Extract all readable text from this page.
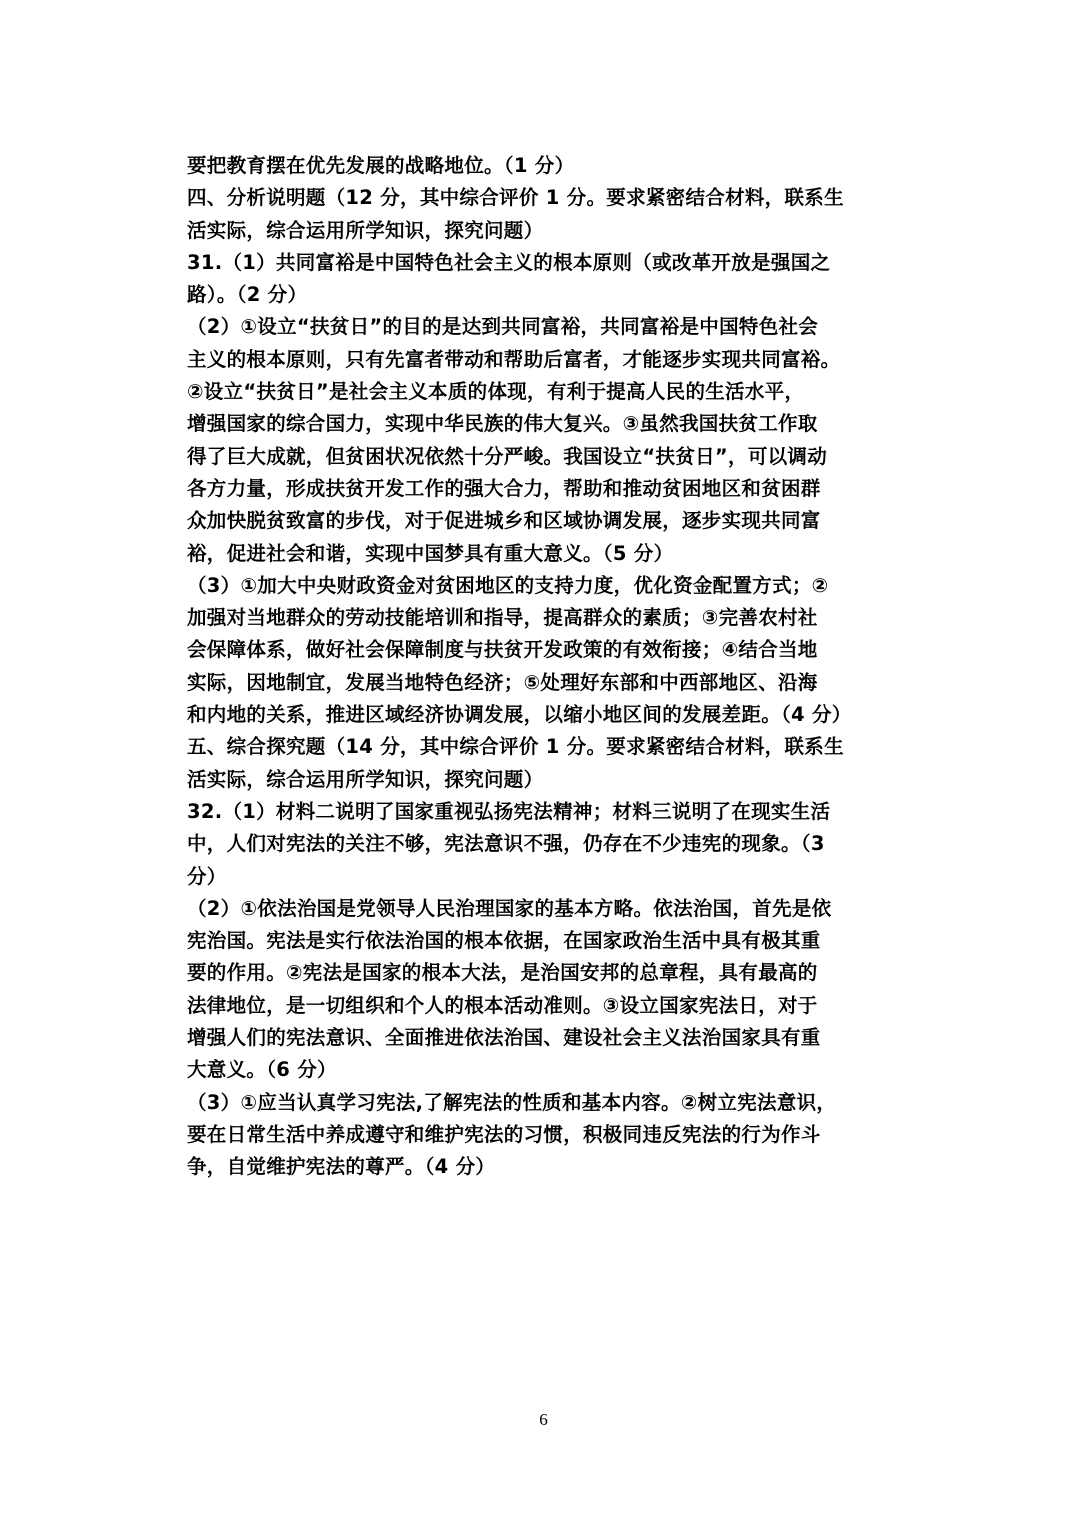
要把教育摆在优先发展的战略地位。（1 分）
四、分析说明题（12 分，其中综合评价 1 分。要求紧密结合材料，联系生
活实际，综合运用所学知识，探究问题）
31.（1）共同富裕是中国特色社会主义的根本原则（或改革开放是强国之
路）。（2 分）
（2）①设立“扶贫日”的目的是达到共同富裕，共同富裕是中国特色社会
主义的根本原则，只有先富者带动和帮助后富者，才能逐步实现共同富裕。
②设立“扶贫日”是社会主义本质的体现，有利于提高人民的生活水平，
增强国家的综合国力，实现中华民族的伟大复兴。③虽然我国扶贫工作取
得了巨大成就，但贫困状况依然十分严峻。我国设立“扶贫日”，可以调动
各方力量，形成扶贫开发工作的强大合力，帮助和推动贫困地区和贫困群
众加快脱贫致富的步伐，对于促进城乡和区域协调发展，逐步实现共同富
裕，促进社会和谐，实现中国梦具有重大意义。（5 分）
（3）①加大中央财政资金对贫困地区的支持力度，优化资金配置方式；②
加强对当地群众的劳动技能培训和指导，提高群众的素质；③完善农村社
会保障体系，做好社会保障制度与扶贫开发政策的有效衔接；④结合当地
实际，因地制宜，发展当地特色经济；⑤处理好东部和中西部地区、沿海
和内地的关系，推进区域经济协调发展，以缩小地区间的发展差距。（4 分）
五、综合探究题（14 分，其中综合评价 1 分。要求紧密结合材料，联系生
活实际，综合运用所学知识，探究问题）
32.（1）材料二说明了国家重视弘扬宪法精神；材料三说明了在现实生活
中，人们对宪法的关注不够，宪法意识不强，仍存在不少违宪的现象。（3
分）
（2）①依法治国是党领导人民治理国家的基本方略。依法治国，首先是依
宪治国。宪法是实行依法治国的根本依据，在国家政治生活中具有极其重
要的作用。②宪法是国家的根本大法，是治国安邦的总章程，具有最高的
法律地位，是一切组织和个人的根本活动准则。③设立国家宪法日，对于
增强人们的宪法意识、全面推进依法治国、建设社会主义法治国家具有重
大意义。（6 分）
（3）①应当认真学习宪法,了解宪法的性质和基本内容。②树立宪法意识，
要在日常生活中养成遵守和维护宪法的习惯，积极同违反宪法的行为作斗
争，自觉维护宪法的尊严。（4 分）
6
